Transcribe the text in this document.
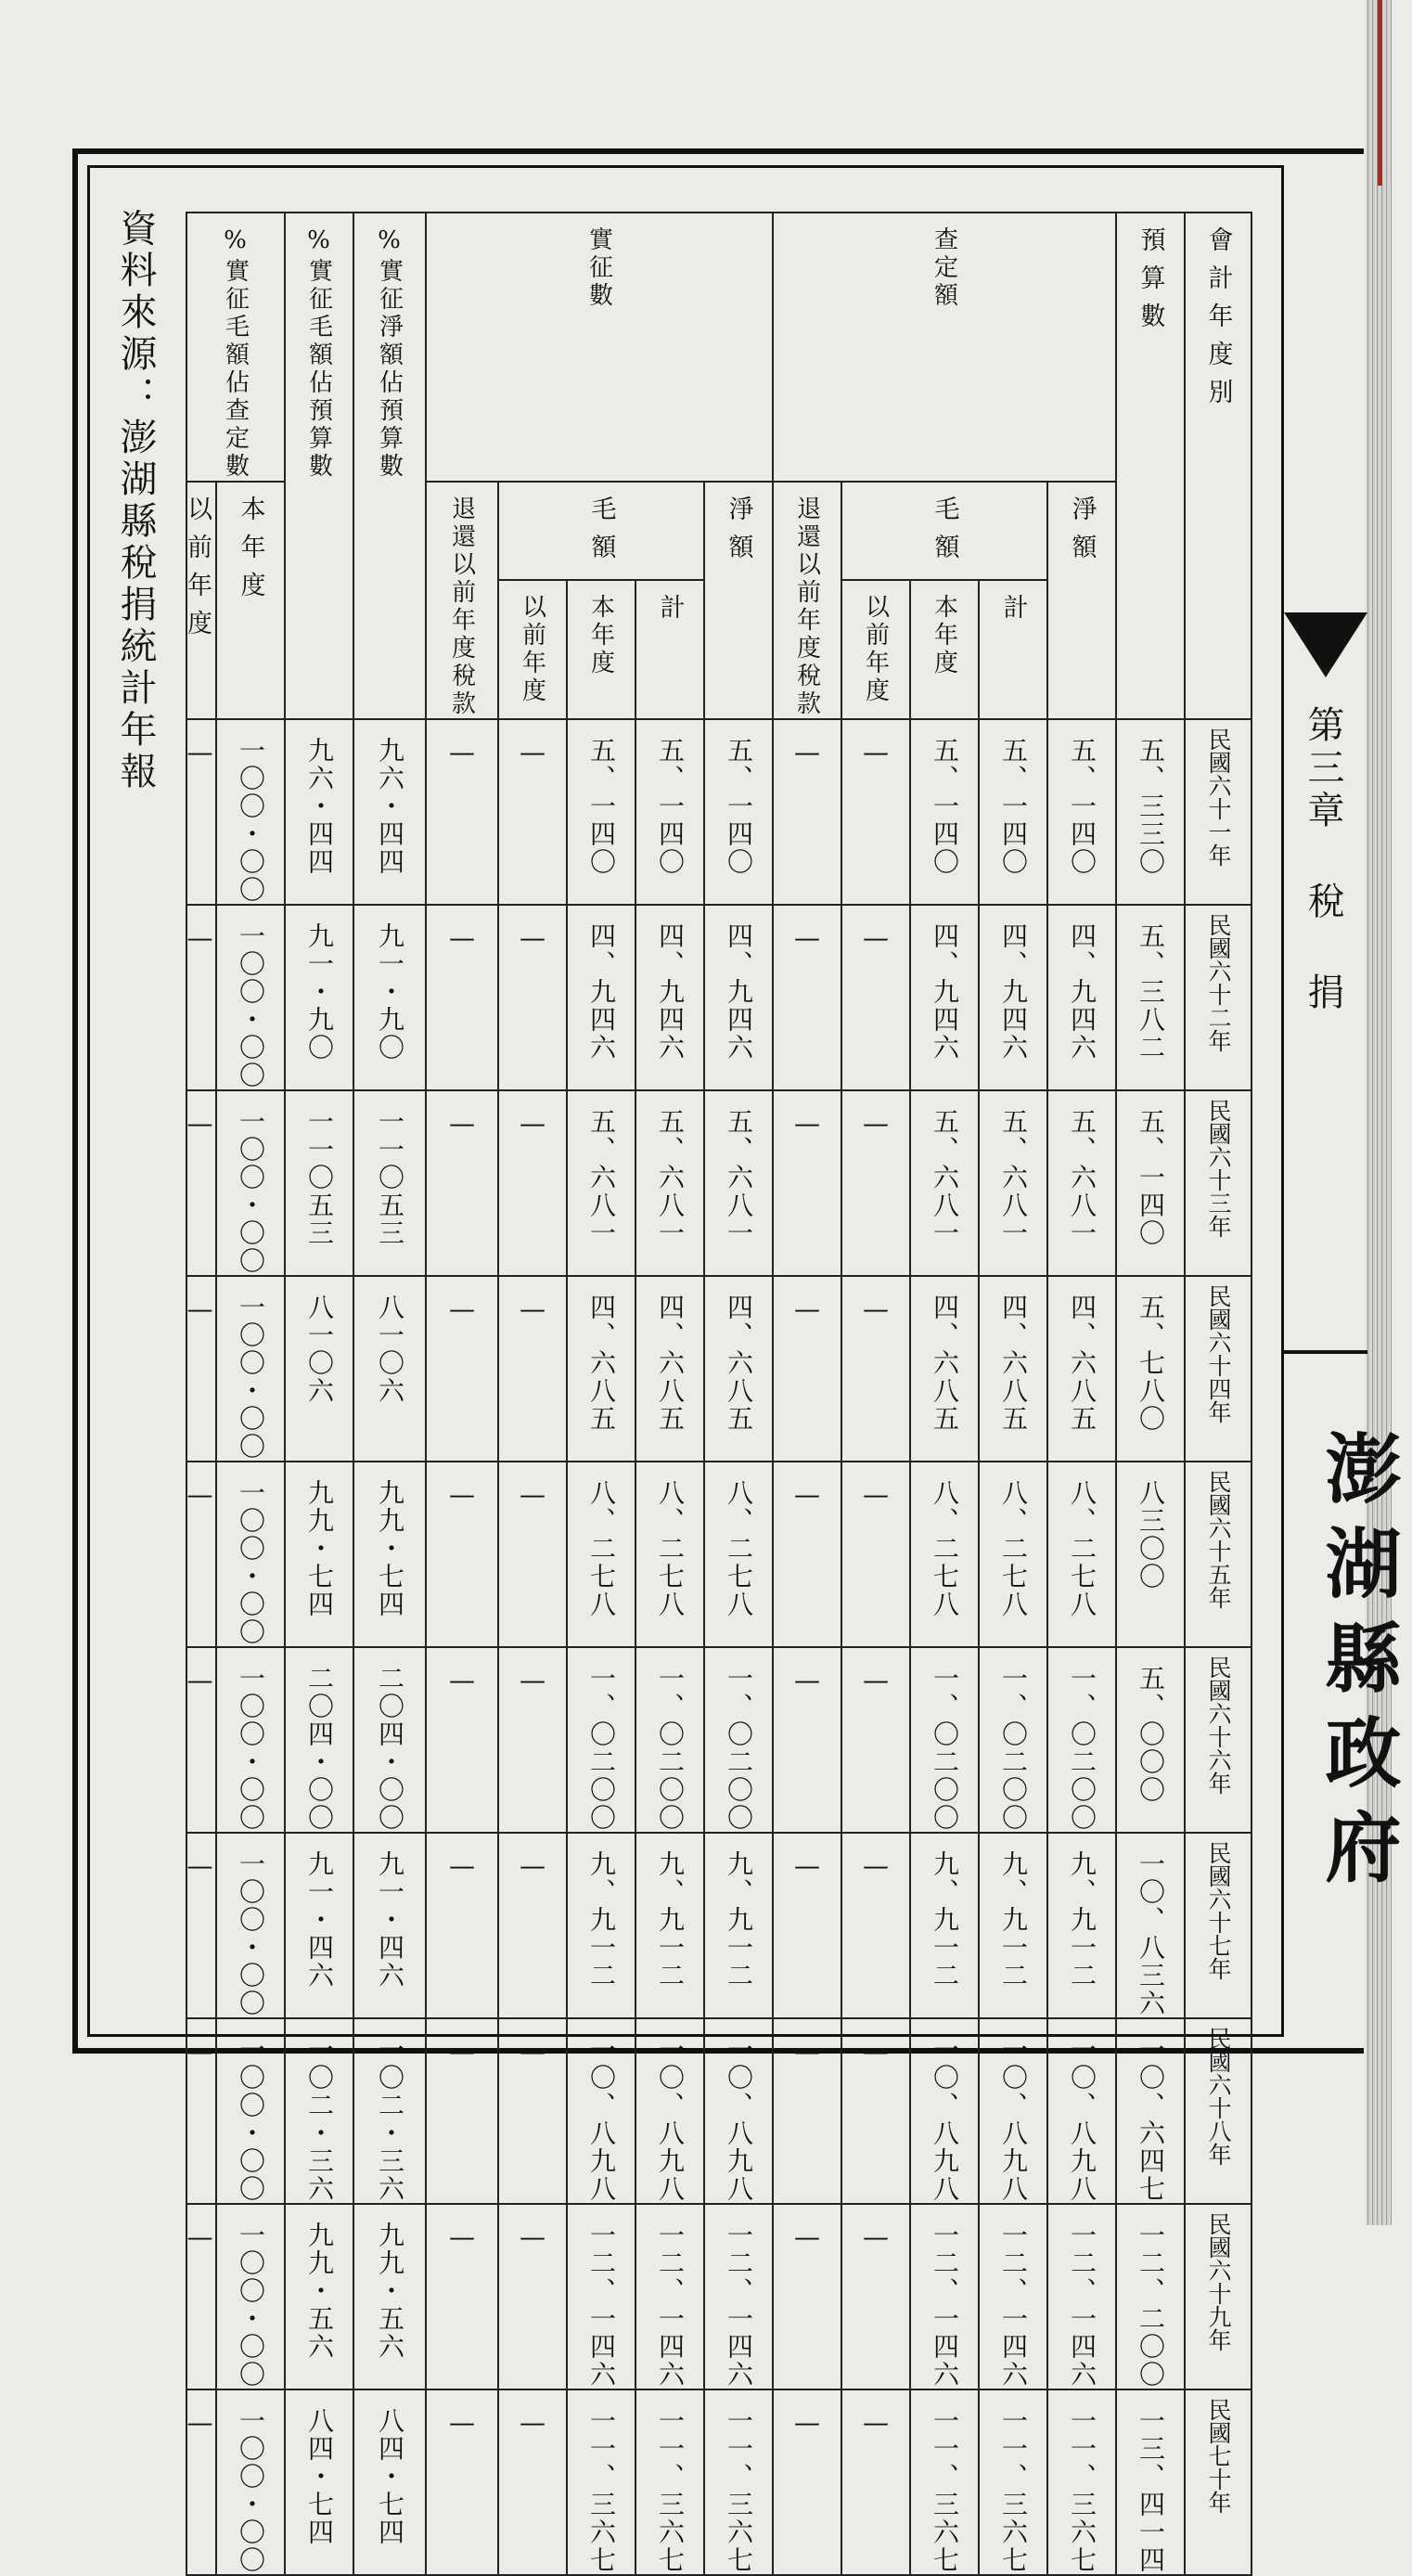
第三章 稅 捐
澎湖縣政府
資料來源：澎湖縣稅捐統計年報	會計年度別	預算數	查定額					實征數					實征淨額佔預算數%	實征毛額佔預算數%	實征毛額佔查定數%	

		淨額	毛額			退還以前年度稅款	淨額	毛額			退還以前年度稅款			本年度	以前年度

			計	本年度	以前年度			計	本年度	以前年度					

民國六十一年	五、三三〇	五、一四〇	五、一四〇	五、一四〇	—	—	五、一四〇	五、一四〇	五、一四〇	—	—	九六・四四	九六・四四	一〇〇・〇〇	—

民國六十二年	五、三八二	四、九四六	四、九四六	四、九四六	—	—	四、九四六	四、九四六	四、九四六	—	—	九一・九〇	九一・九〇	一〇〇・〇〇	—

民國六十三年	五、一四〇	五、六八一	五、六八一	五、六八一	—	—	五、六八一	五、六八一	五、六八一	—	—	一一〇五三	一一〇五三	一〇〇・〇〇	—

民國六十四年	五、七八〇	四、六八五	四、六八五	四、六八五	—	—	四、六八五	四、六八五	四、六八五	—	—	八一〇六	八一〇六	一〇〇・〇〇	—

民國六十五年	八三〇〇	八、二七八	八、二七八	八、二七八	—	—	八、二七八	八、二七八	八、二七八	—	—	九九・七四	九九・七四	一〇〇・〇〇	—

民國六十六年	五、〇〇〇	一、〇二〇〇	一、〇二〇〇	一、〇二〇〇	—	—	一、〇二〇〇	一、〇二〇〇	一、〇二〇〇	—	—	二〇四・〇〇	二〇四・〇〇	一〇〇・〇〇	—

民國六十七年	一〇、八三六	九、九一二	九、九一二	九、九一二	—	—	九、九一二	九、九一二	九、九一二	—	—	九一・四六	九一・四六	一〇〇・〇〇	—

民國六十八年	一〇、六四七	一〇、八九八	一〇、八九八	一〇、八九八	—	—	一〇、八九八	一〇、八九八	一〇、八九八	—	—	一〇二・三六	一〇二・三六	一〇〇・〇〇	—

民國六十九年	一二、二〇〇	一二、一四六	一二、一四六	一二、一四六	—	—	一二、一四六	一二、一四六	一二、一四六	—	—	九九・五六	九九・五六	一〇〇・〇〇	—

民國七十年	一三、四一四	一一、三六七	一一、三六七	一一、三六七	—	—	一一、三六七	一一、三六七	一一、三六七	—	—	八四・七四	八四・七四	一〇〇・〇〇	—
